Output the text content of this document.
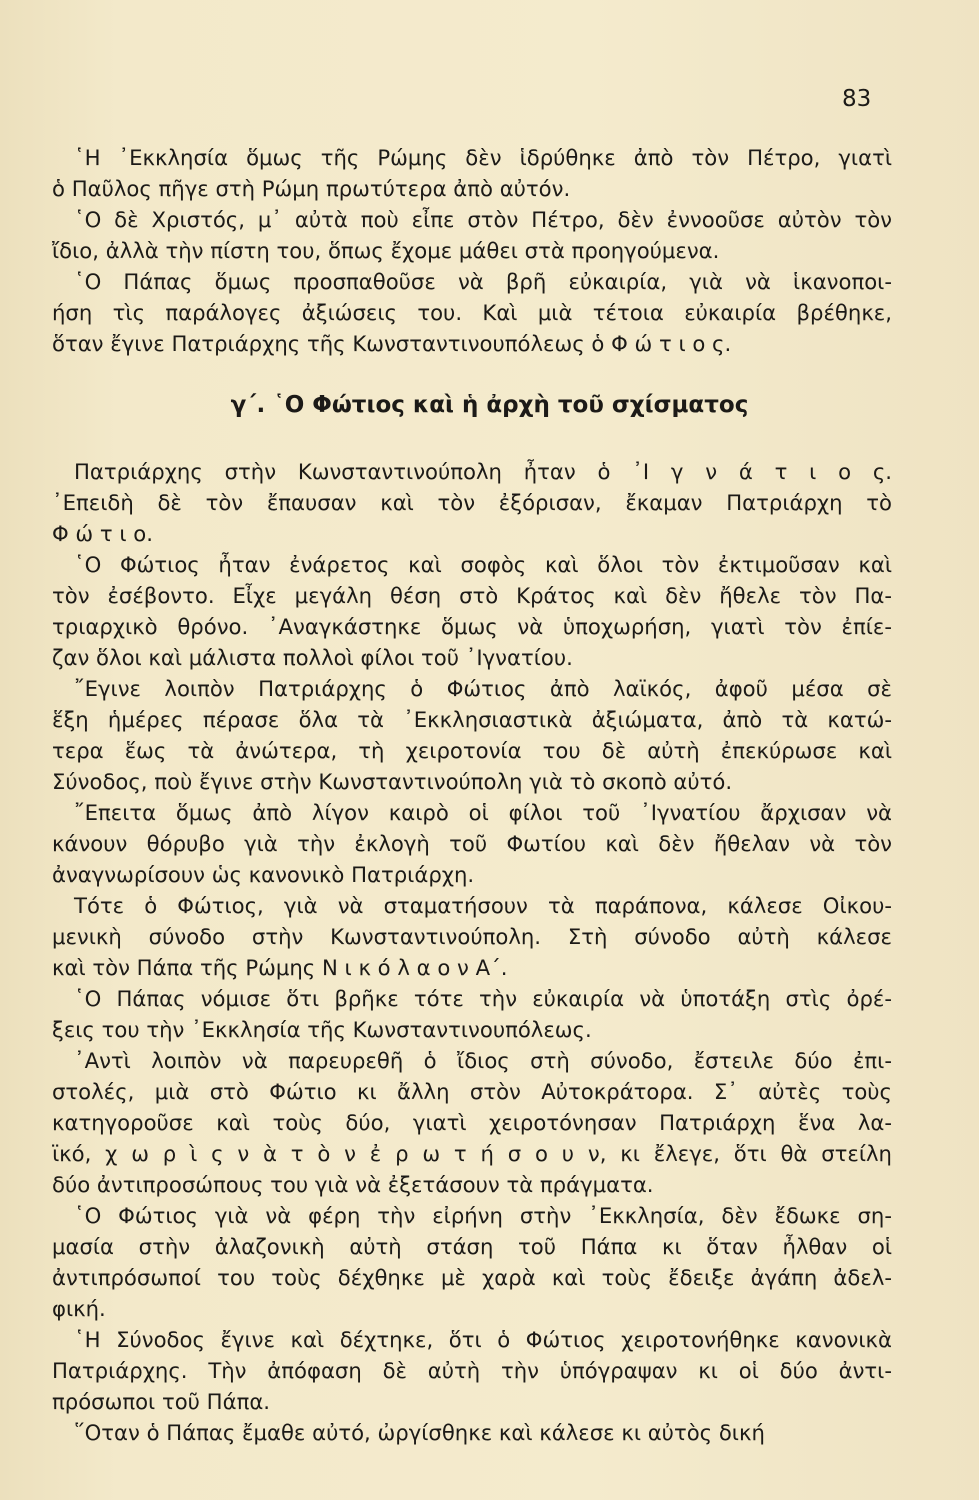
83
῾Η ᾿Εκκλησία ὅμως τῆς Ρώμης δὲν ἱδρύθηκε ἀπὸ τὸν Πέτρο, γιατὶ
ὁ Παῦλος πῆγε στὴ Ρώμη πρωτύτερα ἀπὸ αὐτόν.
῾Ο δὲ Χριστός, μ᾿ αὐτὰ ποὺ εἶπε στὸν Πέτρο, δὲν ἐννοοῦσε αὐτὸν τὸν
ἴδιο, ἀλλὰ τὴν πίστη του, ὅπως ἔχομε μάθει στὰ προηγούμενα.
῾Ο Πάπας ὅμως προσπαθοῦσε νὰ βρῆ εὐκαιρία, γιὰ νὰ ἱκανοποι-
ήση τὶς παράλογες ἀξιώσεις του. Καὶ μιὰ τέτοια εὐκαιρία βρέθηκε,
ὅταν ἔγινε Πατριάρχης τῆς Κωνσταντινουπόλεως ὁ Φ ώ τ ι ο ς.
γ΄. ῾Ο Φώτιος καὶ ἡ ἀρχὴ τοῦ σχίσματος
Πατριάρχης στὴν Κωνσταντινούπολη ἦταν ὁ ᾿Ι γ ν ά τ ι ο ς.
᾿Επειδὴ δὲ τὸν ἔπαυσαν καὶ τὸν ἐξόρισαν, ἔκαμαν Πατριάρχη τὸ
Φ ώ τ ι ο.
῾Ο Φώτιος ἦταν ἐνάρετος καὶ σοφὸς καὶ ὅλοι τὸν ἐκτιμοῦσαν καὶ
τὸν ἐσέβοντο. Εἶχε μεγάλη θέση στὸ Κράτος καὶ δὲν ἤθελε τὸν Πα-
τριαρχικὸ θρόνο. ᾿Αναγκάστηκε ὅμως νὰ ὑποχωρήση, γιατὶ τὸν ἐπίε-
ζαν ὅλοι καὶ μάλιστα πολλοὶ φίλοι τοῦ ᾿Ιγνατίου.
῎Εγινε λοιπὸν Πατριάρχης ὁ Φώτιος ἀπὸ λαϊκός, ἀφοῦ μέσα σὲ
ἕξη ἡμέρες πέρασε ὅλα τὰ ᾿Εκκλησιαστικὰ ἀξιώματα, ἀπὸ τὰ κατώ-
τερα ἕως τὰ ἀνώτερα, τὴ χειροτονία του δὲ αὐτὴ ἐπεκύρωσε καὶ
Σύνοδος, ποὺ ἔγινε στὴν Κωνσταντινούπολη γιὰ τὸ σκοπὸ αὐτό.
῎Επειτα ὅμως ἀπὸ λίγον καιρὸ οἱ φίλοι τοῦ ᾿Ιγνατίου ἄρχισαν νὰ
κάνουν θόρυβο γιὰ τὴν ἐκλογὴ τοῦ Φωτίου καὶ δὲν ἤθελαν νὰ τὸν
ἀναγνωρίσουν ὡς κανονικὸ Πατριάρχη.
Τότε ὁ Φώτιος, γιὰ νὰ σταματήσουν τὰ παράπονα, κάλεσε Οἰκου-
μενικὴ σύνοδο στὴν Κωνσταντινούπολη. Στὴ σύνοδο αὐτὴ κάλεσε
καὶ τὸν Πάπα τῆς Ρώμης Ν ι κ ό λ α ο ν Α΄.
῾Ο Πάπας νόμισε ὅτι βρῆκε τότε τὴν εὐκαιρία νὰ ὑποτάξη στὶς ὀρέ-
ξεις του τὴν ᾿Εκκλησία τῆς Κωνσταντινουπόλεως.
᾿Αντὶ λοιπὸν νὰ παρευρεθῆ ὁ ἴδιος στὴ σύνοδο, ἔστειλε δύο ἐπι-
στολές, μιὰ στὸ Φώτιο κι ἄλλη στὸν Αὐτοκράτορα. Σ᾿ αὐτὲς τοὺς
κατηγοροῦσε καὶ τοὺς δύο, γιατὶ χειροτόνησαν Πατριάρχη ἕνα λα-
ϊκό, χ ω ρ ὶ ς ν ὰ τ ὸ ν ἐ ρ ω τ ή σ ο υ ν, κι ἔλεγε, ὅτι θὰ στείλη
δύο ἀντιπροσώπους του γιὰ νὰ ἐξετάσουν τὰ πράγματα.
῾Ο Φώτιος γιὰ νὰ φέρη τὴν εἰρήνη στὴν ᾿Εκκλησία, δὲν ἔδωκε ση-
μασία στὴν ἀλαζονικὴ αὐτὴ στάση τοῦ Πάπα κι ὅταν ἦλθαν οἱ
ἀντιπρόσωποί του τοὺς δέχθηκε μὲ χαρὰ καὶ τοὺς ἔδειξε ἀγάπη ἀδελ-
φική.
῾Η Σύνοδος ἔγινε καὶ δέχτηκε, ὅτι ὁ Φώτιος χειροτονήθηκε κανονικὰ
Πατριάρχης. Τὴν ἀπόφαση δὲ αὐτὴ τὴν ὑπόγραψαν κι οἱ δύο ἀντι-
πρόσωποι τοῦ Πάπα.
῞Οταν ὁ Πάπας ἔμαθε αὐτό, ὠργίσθηκε καὶ κάλεσε κι αὐτὸς δική
